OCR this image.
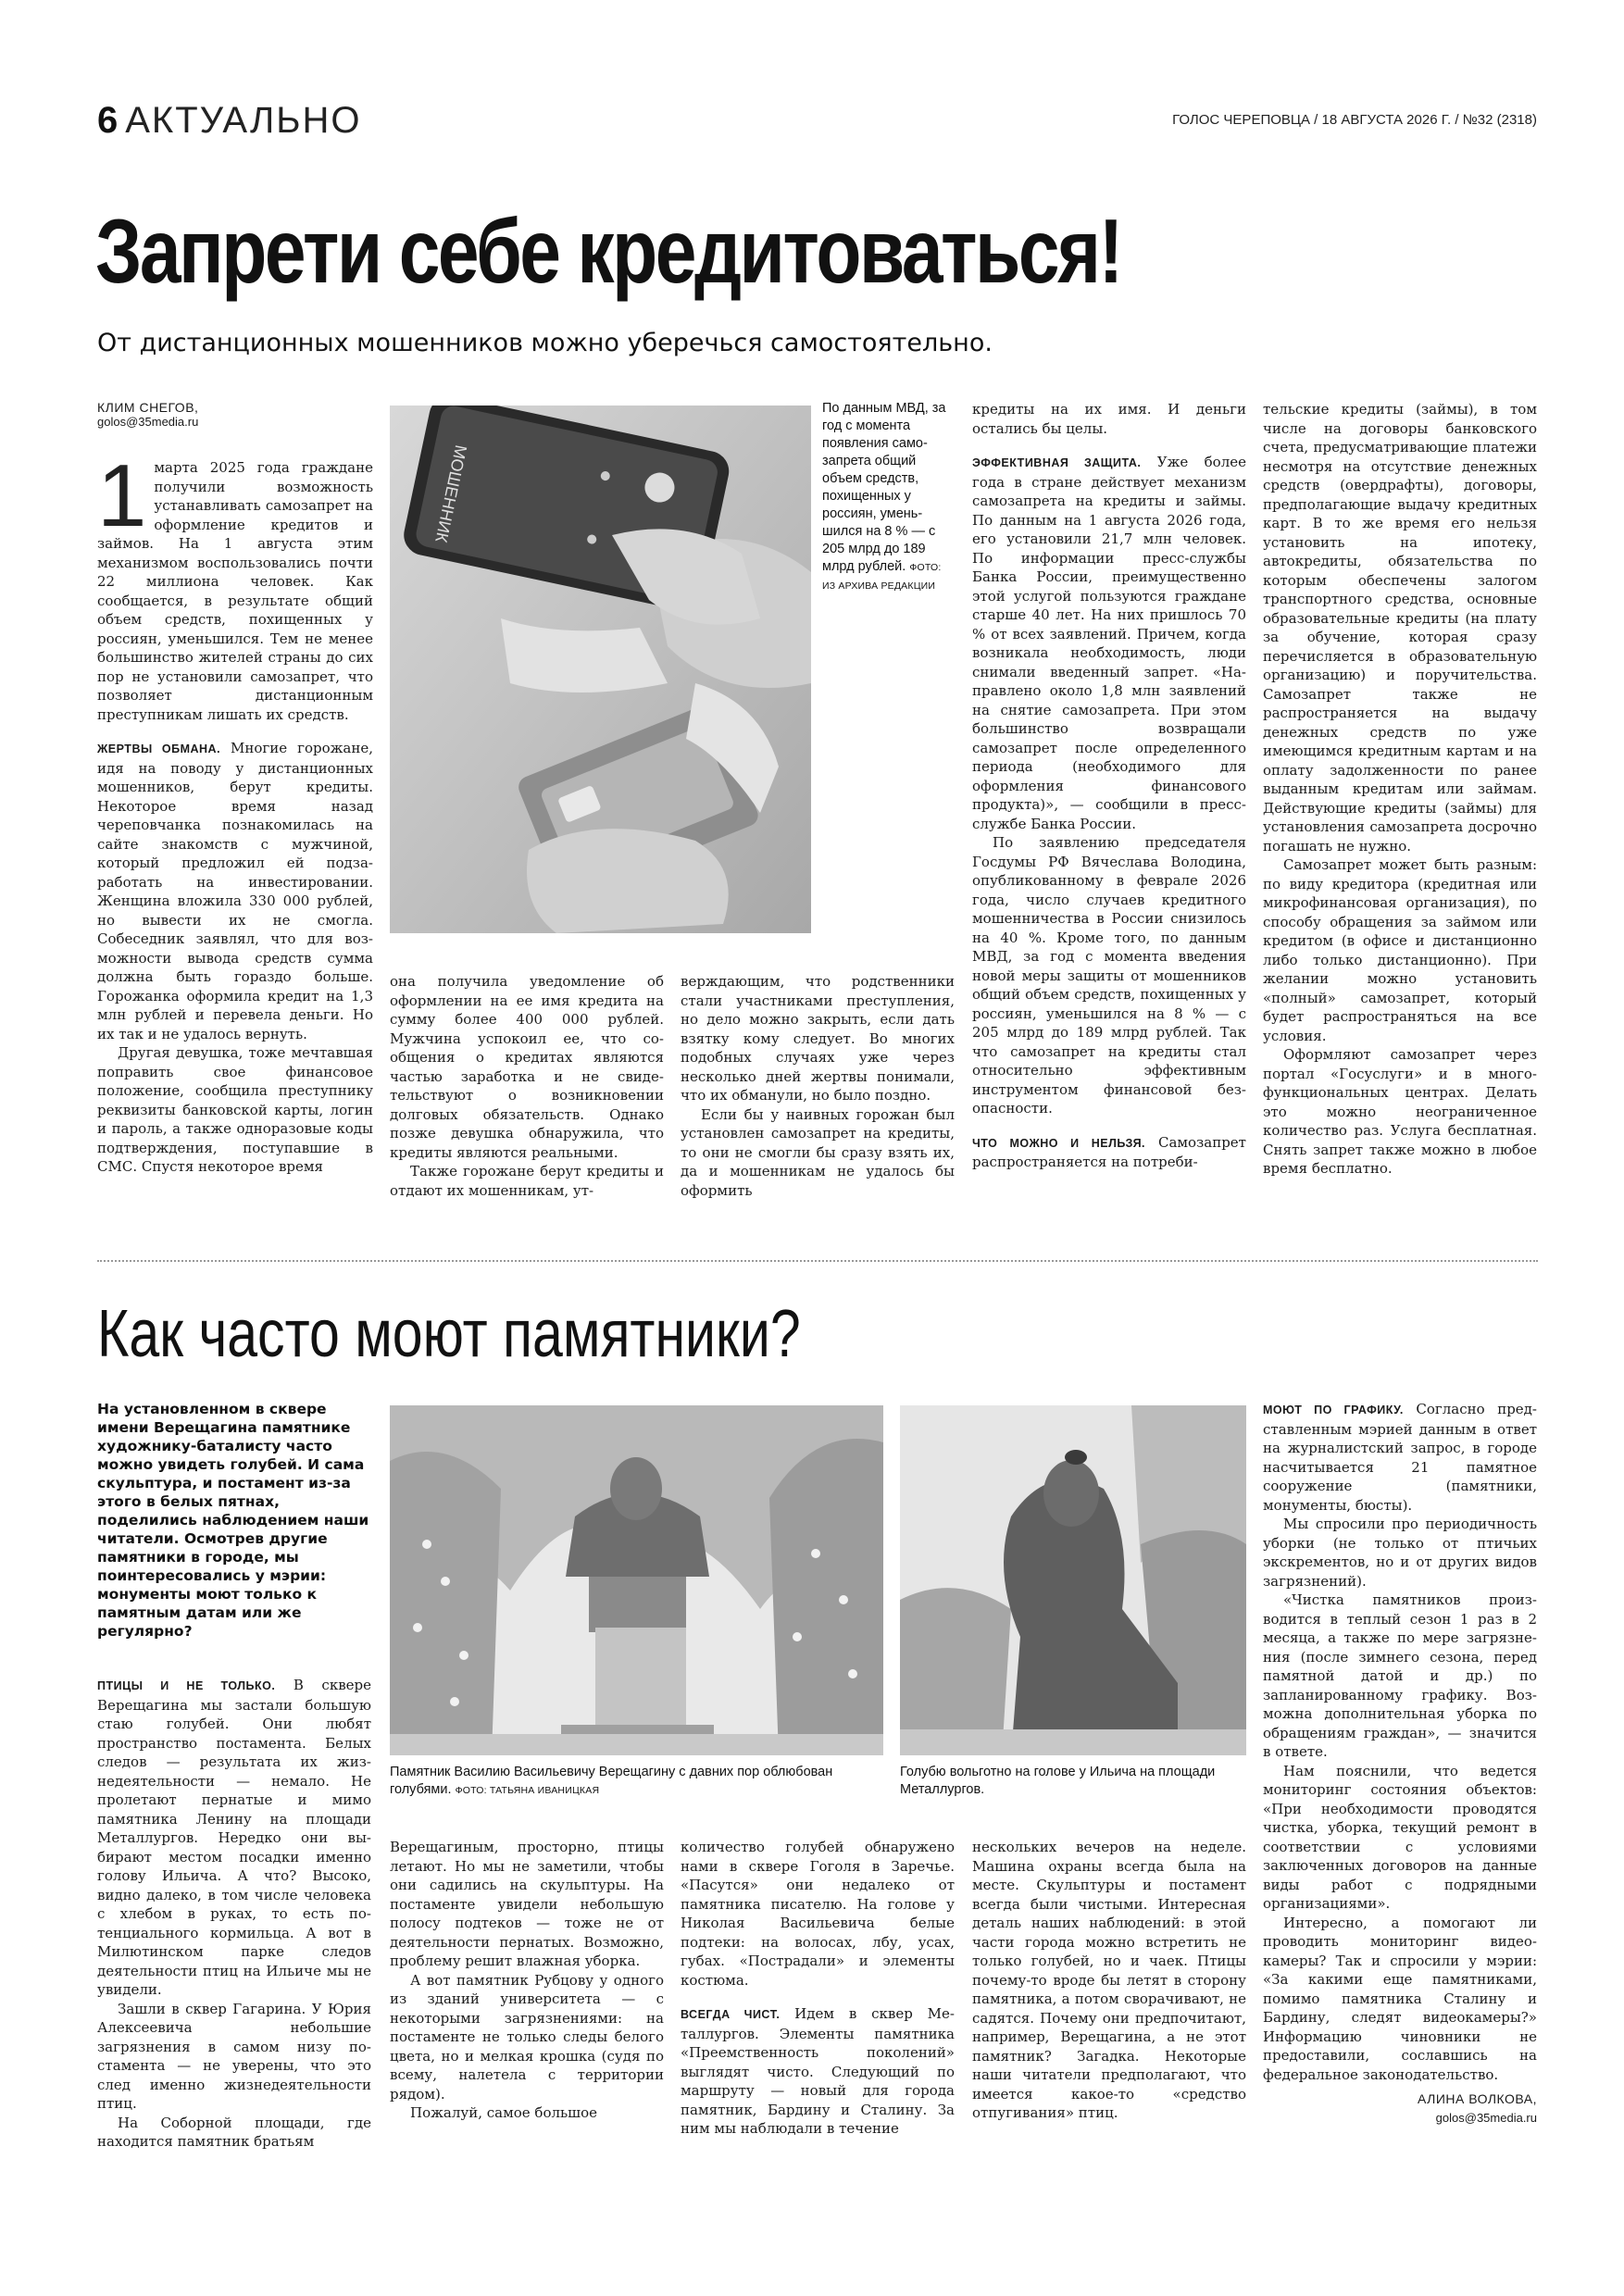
6 АКТУАЛЬНО	ГОЛОС ЧЕРЕПОВЦА / 18 АВГУСТА 2026 Г. / №32 (2318)
Запрети себе кредитоваться!
От дистанционных мошенников можно уберечься самостоятельно.
КЛИМ СНЕГОВ,
golos@35media.ru
1 марта 2025 года граждане получили возможность устанавливать самозапрет на оформление кредитов и займов. На 1 августа этим механизмом воспользовались почти 22 миллиона человек. Как сообщается, в результате общий объем средств, похищенных у россиян, уменьшился. Тем не менее большинство жителей страны до сих пор не установили самозапрет, что позволяет дистанционным преступникам лишать их средств.

ЖЕРТВЫ ОБМАНА. Многие горожане, идя на поводу у дистанционных мошенников, берут кредиты. Некоторое время назад череповчанка познакомилась на сайте знакомств с мужчиной, который предложил ей подзаработать на инвестировании. Женщина вложила 330 000 рублей, но вывести их не смогла. Собеседник заявлял, что для возможности вывода средств сумма должна быть гораздо больше. Горожанка оформила кредит на 1,3 млн рублей и перевела деньги. Но их так и не удалось вернуть.

Другая девушка, тоже мечтавшая поправить свое финансовое положение, сообщила преступнику реквизиты банковской карты, логин и пароль, а также одноразовые коды подтверждения, поступавшие в СМС. Спустя некоторое время

МОШЕННИК
По данным МВД, за год с момента появления самозапрета общий объем средств, похищенных у россиян, уменьшился на 8 % — с 205 млрд до 189 млрд рублей. ФОТО: ИЗ АРХИВА РЕДАКЦИИ

она получила уведомление об оформлении на ее имя кредита на сумму более 400 000 рублей. Мужчина успокоил ее, что сообщения о кредитах являются частью заработка и не свидетельствуют о возникновении долговых обязательств. Однако позже девушка обнаружила, что кредиты являются реальными.

Также горожане берут кредиты и отдают их мошенникам, ут-

верждающим, что родственники стали участниками преступления, но дело можно закрыть, если дать взятку кому следует. Во многих подобных случаях уже через несколько дней жертвы понимали, что их обманули, но было поздно.

Если бы у наивных горожан был установлен самозапрет на кредиты, то они не смогли бы сразу взять их, да и мошенникам не удалось бы оформить

кредиты на их имя. И деньги остались бы целы.

ЭФФЕКТИВНАЯ ЗАЩИТА. Уже более года в стране действует механизм самозапрета на кредиты и займы. По данным на 1 августа 2026 года, его установили 21,7 млн человек. По информации пресс-службы Банка России, преимущественно этой услугой пользуются граждане старше 40 лет. На них пришлось 70 % от всех заявлений. Причем, когда возникала необходимость, люди снимали введенный запрет. «Направлено около 1,8 млн заявлений на снятие самозапрета. При этом большинство возвращали самозапрет после определенного периода (необходимого для оформления финансового продукта)», — сообщили в прессслужбе Банка России.

По заявлению председателя Госдумы РФ Вячеслава Володина, опубликованному в феврале 2026 года, число случаев кредитного мошенничества в России снизилось на 40 %. Кроме того, по данным МВД, за год с момента введения новой меры защиты от мошенников общий объем средств, похищенных у россиян, уменьшился на 8 % — с 205 млрд до 189 млрд рублей. Так что самозапрет на кредиты стал относительно эффективным инструментом финансовой безопасности.

ЧТО МОЖНО И НЕЛЬЗЯ. Самозапрет распространяется на потреби-

тельские кредиты (займы), в том числе на договоры банковского счета, предусматривающие платежи несмотря на отсутствие денежных средств (овердрафты), договоры, предполагающие выдачу кредитных карт. В то же время его нельзя установить на ипотеку, автокредиты, обязательства по которым обеспечены залогом транспортного средства, основные образовательные кредиты (на плату за обучение, которая сразу перечисляется в образовательную организацию) и поручительства. Самозапрет также не распространяется на выдачу денежных средств по уже имеющимся кредитным картам и на оплату задолженности по ранее выданным кредитам или займам. Действующие кредиты (займы) для установления самозапрета досрочно погашать не нужно.

Самозапрет может быть разным: по виду кредитора (кредитная или микрофинансовая организация), по способу обращения за займом или кредитом (в офисе и дистанционно либо только дистанционно). При желании можно установить «полный» самозапрет, который будет распространяться на все условия.

Оформляют самозапрет через портал «Госуслуги» и в многофункциональных центрах. Делать это можно неограниченное количество раз. Услуга бесплатная. Снять запрет также можно в любое время бесплатно.

Как часто моют памятники?
На установленном в сквере имени Верещагина памятнике художнику-баталисту часто можно увидеть голубей. И сама скульптура, и постамент из-за этого в белых пятнах, поделились наблюдением наши читатели. Осмотрев другие памятники в городе, мы поинтересовались у мэрии: монументы моют только к памятным датам или же регулярно?

ПТИЦЫ И НЕ ТОЛЬКО. В сквере Верещагина мы застали большую стаю голубей. Они любят пространство постамента. Белых следов — результата их жизнедеятельности — немало. Не пролетают пернатые и мимо памятника Ленину на площади Металлургов. Нередко они выбирают местом посадки именно голову Ильича. А что? Высоко, видно далеко, в том числе человека с хлебом в руках, то есть потенциального кормильца. А вот в Милютинском парке следов деятельности птиц на Ильиче мы не увидели.

Зашли в сквер Гагарина. У Юрия Алексеевича небольшие загрязнения в самом низу постамента — не уверены, что это след именно жизнедеятельности птиц.

На Соборной площади, где находится памятник братьям

Памятник Василию Васильевичу Верещагину с давних пор облюбован голубями. ФОТО: ТАТЬЯНА ИВАНИЦКАЯ
Голубю вольготно на голове у Ильича на площади Металлургов.

Верещагиным, просторно, птицы летают. Но мы не заметили, чтобы они садились на скульптуры. На постаменте увидели небольшую полосу подтеков — тоже не от деятельности пернатых. Возможно, проблему решит влажная уборка.

А вот памятник Рубцову у одного из зданий университета — с некоторыми загрязнениями: на постаменте не только следы белого цвета, но и мелкая крошка (судя по всему, налетела с территории рядом).

Пожалуй, самое большое

количество голубей обнаружено нами в сквере Гоголя в Заречье. «Пасутся» они недалеко от памятника писателю. На голове у Николая Васильевича белые подтеки: на волосах, лбу, усах, губах. «Пострадали» и элементы костюма.

ВСЕГДА ЧИСТ. Идем в сквер Металлургов. Элементы памятника «Преемственность поколений» выглядят чисто. Следующий по маршруту — новый для города памятник, Бардину и Сталину. За ним мы наблюдали в течение

нескольких вечеров на неделе. Машина охраны всегда была на месте. Скульптуры и постамент всегда были чистыми. Интересная деталь наших наблюдений: в этой части города можно встретить не только голубей, но и чаек. Птицы почему-то вроде бы летят в сторону памятника, а потом сворачивают, не садятся. Почему они предпочитают, например, Верещагина, а не этот памятник? Загадка. Некоторые наши читатели предполагают, что имеется какое-то «средство отпугивания» птиц.

МОЮТ ПО ГРАФИКУ. Согласно представленным мэрией данным в ответ на журналистский запрос, в городе насчитывается 21 памятное сооружение (памятники, монументы, бюсты).

Мы спросили про периодичность уборки (не только от птичьих экскрементов, но и от других видов загрязнений).

«Чистка памятников производится в теплый сезон 1 раз в 2 месяца, а также по мере загрязнения (после зимнего сезона, перед памятной датой и др.) по запланированному графику. Возможна дополнительная уборка по обращениям граждан», — значится в ответе.

Нам пояснили, что ведется мониторинг состояния объектов: «При необходимости проводятся чистка, уборка, текущий ремонт в соответствии с условиями заключенных договоров на данные виды работ с подрядными организациями».

Интересно, а помогают ли проводить мониторинг видеокамеры? Так и спросили у мэрии: «За какими еще памятниками, помимо памятника Сталину и Бардину, следят видеокамеры?» Информацию чиновники не предоставили, сославшись на федеральное законодательство.

АЛИНА ВОЛКОВА,
golos@35media.ru
